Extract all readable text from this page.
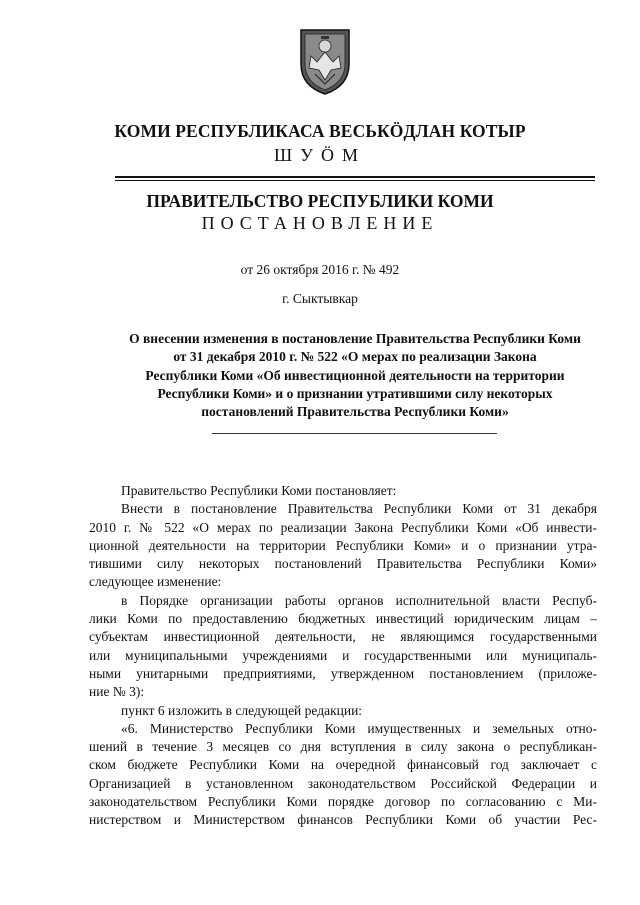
КОМИ РЕСПУБЛИКАСА ВЕСЬКӦДЛАН КОТЫР
ШУӦМ
ПРАВИТЕЛЬСТВО РЕСПУБЛИКИ КОМИ
ПОСТАНОВЛЕНИЕ
от 26 октября 2016 г. № 492
г. Сыктывкар
О внесении изменения в постановление Правительства Республики Коми
от 31 декабря 2010 г. № 522 «О мерах по реализации Закона
Республики Коми «Об инвестиционной деятельности на территории
Республики Коми» и о признании утратившими силу некоторых
постановлений Правительства Республики Коми»
Правительство Республики Коми постановляет:
Внести в постановление Правительства Республики Коми от 31 декабря
2010 г. № 522 «О мерах по реализации Закона Республики Коми «Об инвести-
ционной деятельности на территории Республики Коми» и о признании утра-
тившими силу некоторых постановлений Правительства Республики Коми»
следующее изменение:
в Порядке организации работы органов исполнительной власти Респуб-
лики Коми по предоставлению бюджетных инвестиций юридическим лицам –
субъектам инвестиционной деятельности, не являющимся государственными
или муниципальными учреждениями и государственными или муниципаль-
ными унитарными предприятиями, утвержденном постановлением (приложе-
ние № 3):
пункт 6 изложить в следующей редакции:
«6. Министерство Республики Коми имущественных и земельных отно-
шений в течение 3 месяцев со дня вступления в силу закона о республикан-
ском бюджете Республики Коми на очередной финансовый год заключает с
Организацией в установленном законодательством Российской Федерации и
законодательством Республики Коми порядке договор по согласованию с Ми-
нистерством и Министерством финансов Республики Коми об участии Рес-
